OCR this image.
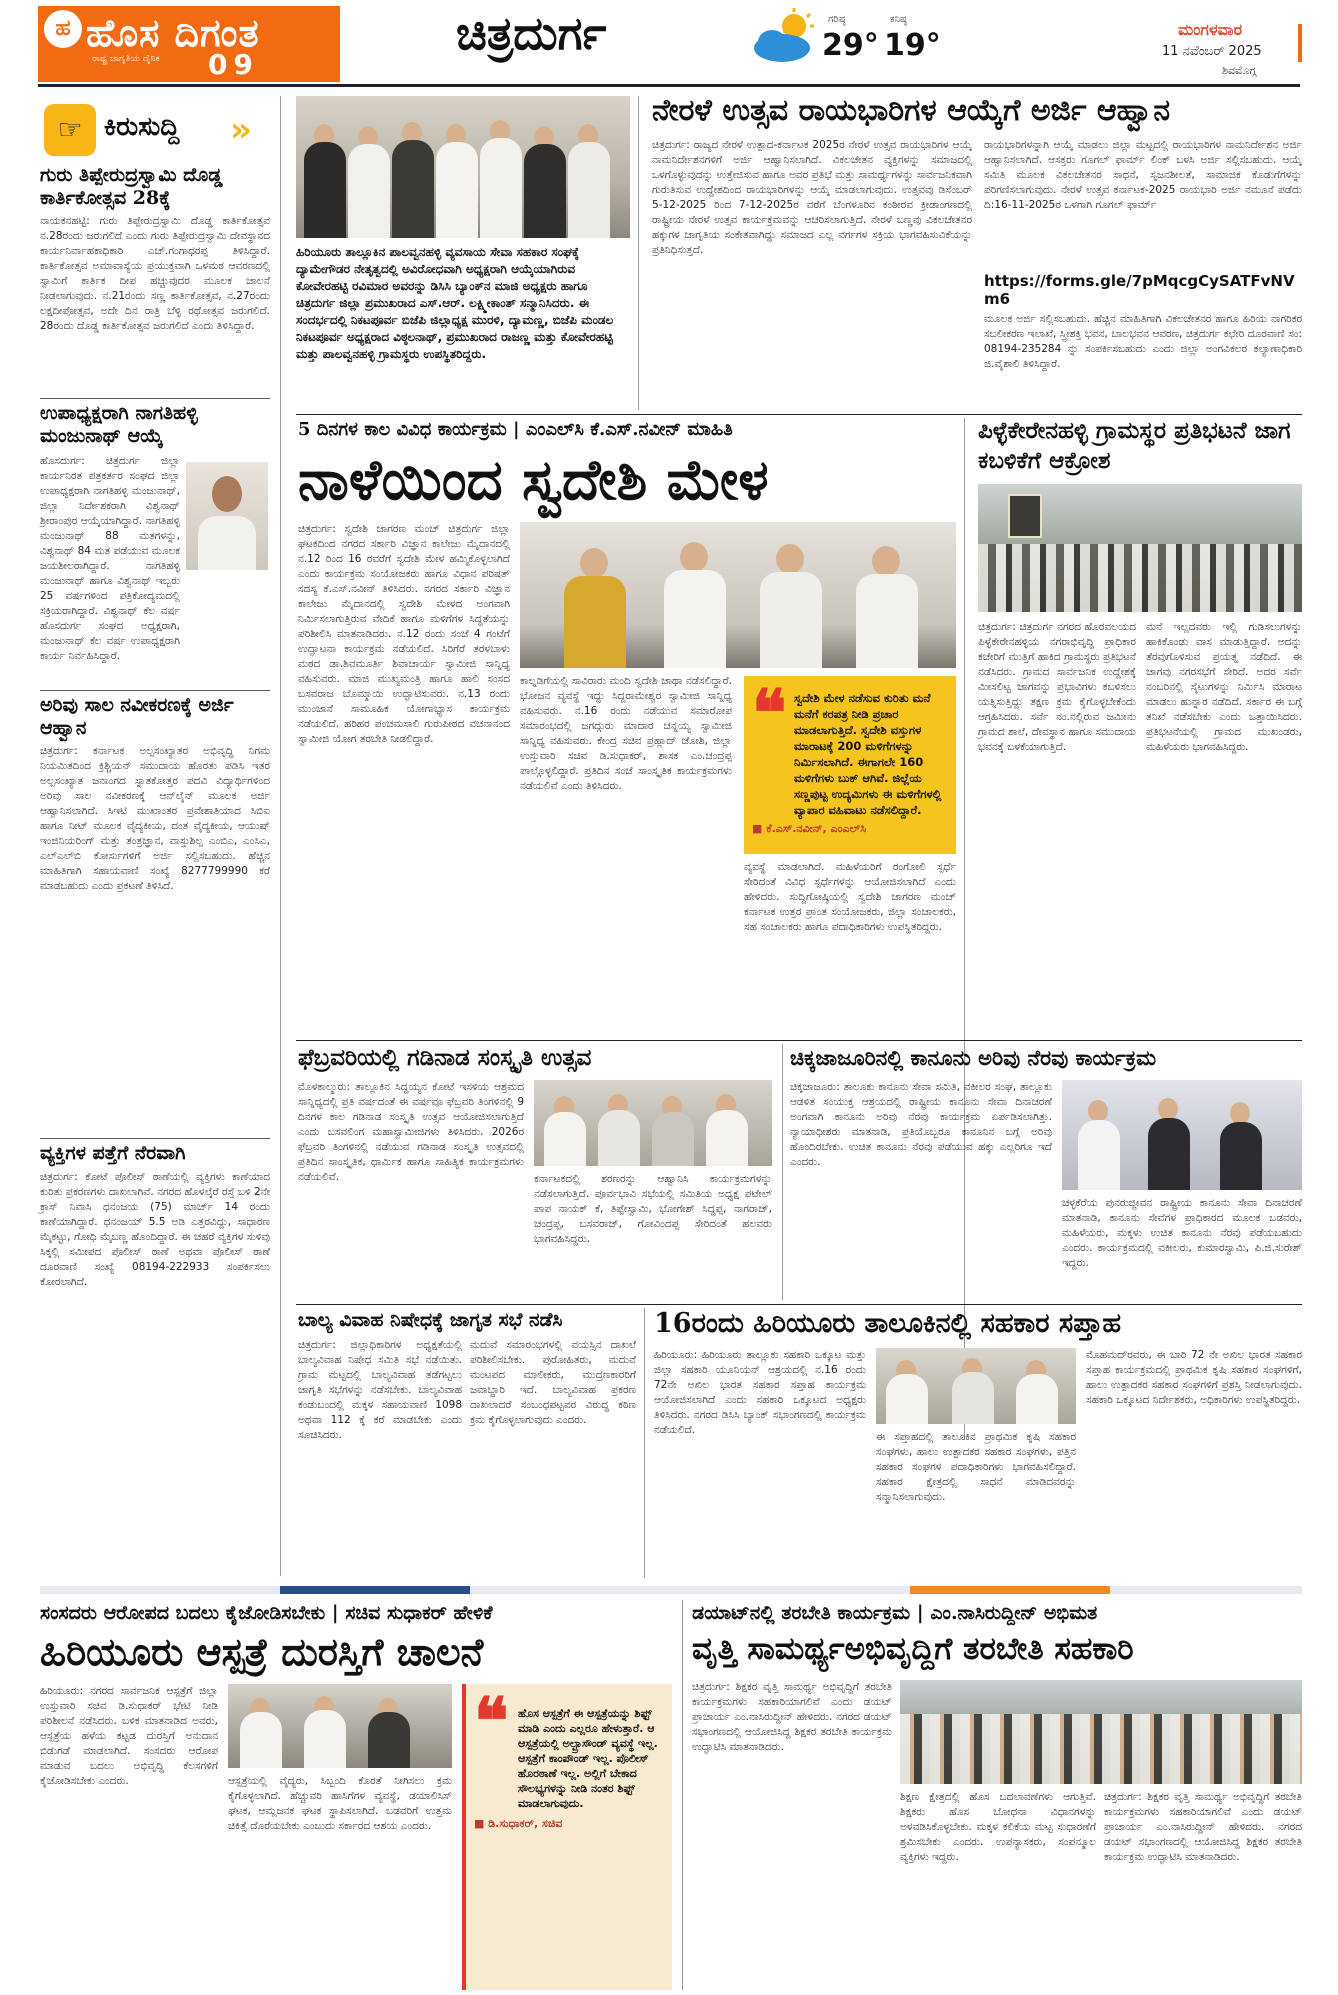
ಹ ಹೊಸ ದಿಗಂತ
ರಾಷ್ಟ್ರ ಜಾಗೃತಿಯ ದೈನಿಕ 09
ಚಿತ್ರದುರ್ಗ	ಗರಿಷ್ಠ
29°
ಕನಿಷ್ಠ
19°	ಮಂಗಳವಾರ
11 ನವೆಂಬರ್ 2025
ಶಿವಮೊಗ್ಗ
☞ ಕಿರುಸುದ್ದಿ »
ಗುರು ತಿಪ್ಪೇರುದ್ರಸ್ವಾಮಿ ದೊಡ್ಡ ಕಾರ್ತಿಕೋತ್ಸವ 28ಕ್ಕೆ
ನಾಯಕನಹಟ್ಟಿ: ಗುರು ತಿಪ್ಪೇರುದ್ರಸ್ವಾಮಿ ದೊಡ್ಡ ಕಾರ್ತಿಕೋತ್ಸವ ನ.28ರಂದು ಜರುಗಲಿದೆ ಎಂದು ಗುರು ತಿಪ್ಪೇರುದ್ರಸ್ವಾಮಿ ದೇವಸ್ಥಾನದ ಕಾರ್ಯನಿರ್ವಾಹಕಾಧಿಕಾರಿ ಎಚ್.ಗಂಗಾಧರಪ್ಪ ತಿಳಿಸಿದ್ದಾರೆ. ಕಾರ್ತಿಕೋತ್ಸವ ಅಮಾವಾಸ್ಯೆಯ ಪ್ರಯುಕ್ತವಾಗಿ ಒಳಮಠ ಆವರಣದಲ್ಲಿ ಸ್ವಾಮಿಗೆ ಕಾರ್ತಿಕ ದೀಪ ಹಚ್ಚುವುದರ ಮೂಲಕ ಚಾಲನೆ ನೀಡಲಾಗುವುದು. ನ.21ರಂದು ಸಣ್ಣ ಕಾರ್ತಿಕೋತ್ಸವ, ನ.27ರಂದು ಲಕ್ಷದೀಪೋತ್ಸವ, ಅದೇ ದಿನ ರಾತ್ರಿ ಬೆಳ್ಳಿ ರಥೋತ್ಸವ ಜರುಗಲಿದೆ. 28ರಂದು ದೊಡ್ಡ ಕಾರ್ತಿಕೋತ್ಸವ ಜರುಗಲಿದೆ ಎಂದು ತಿಳಿಸಿದ್ದಾರೆ.
ಉಪಾಧ್ಯಕ್ಷರಾಗಿ ನಾಗತಿಹಳ್ಳಿ ಮಂಜುನಾಥ್ ಆಯ್ಕೆ
ಹೊಸದುರ್ಗ: ಚಿತ್ರದುರ್ಗ ಜಿಲ್ಲಾ ಕಾರ್ಯನಿರತ ಪತ್ರಕರ್ತರ ಸಂಘದ ಜಿಲ್ಲಾ ಉಪಾಧ್ಯಕ್ಷರಾಗಿ ನಾಗತಿಹಳ್ಳಿ ಮಂಜುನಾಥ್, ಜಿಲ್ಲಾ ನಿರ್ದೇಶಕರಾಗಿ ವಿಶ್ವನಾಥ್ ಶ್ರೀರಾಂಪುರ ಆಯ್ಕೆಯಾಗಿದ್ದಾರೆ. ನಾಗತಿಹಳ್ಳಿ ಮಂಜುನಾಥ್ 88 ಮತಗಳನ್ನು, ವಿಶ್ವನಾಥ್ 84 ಮತ ಪಡೆಯುವ ಮೂಲಕ ಜಯಶೀಲರಾಗಿದ್ದಾರೆ. ನಾಗತಿಹಳ್ಳಿ ಮಂಜುನಾಥ್ ಹಾಗೂ ವಿಶ್ವನಾಥ್ ಇಬ್ಬರು 25 ವರ್ಷಗಳಿಂದ ಪತ್ರಿಕೋದ್ಯಮದಲ್ಲಿ ಸಕ್ರಿಯರಾಗಿದ್ದಾರೆ. ವಿಶ್ವನಾಥ್ ಕೆಲ ವರ್ಷ ಹೊಸದುರ್ಗ ಸಂಘದ ಅಧ್ಯಕ್ಷರಾಗಿ, ಮಂಜುನಾಥ್ ಕೆಲ ವರ್ಷ ಉಪಾಧ್ಯಕ್ಷರಾಗಿ ಕಾರ್ಯ ನಿರ್ವಹಿಸಿದ್ದಾರೆ.
ಅರಿವು ಸಾಲ ನವೀಕರಣಕ್ಕೆ ಅರ್ಜಿ ಆಹ್ವಾನ
ಚಿತ್ರದುರ್ಗ: ಕರ್ನಾಟಕ ಅಲ್ಪಸಂಖ್ಯಾತರ ಅಭಿವೃದ್ಧಿ ನಿಗಮ ನಿಯಮಿತದಿಂದ ಕ್ರಿಶ್ಚಿಯನ್ ಸಮುದಾಯ ಹೊರತು ಪಡಿಸಿ ಇತರ ಅಲ್ಪಸಂಖ್ಯಾತ ಜನಾಂಗದ ಸ್ನಾತಕೋತ್ತರ ಪದವಿ ವಿದ್ಯಾರ್ಥಿಗಳಿಂದ ಅರಿವು ಸಾಲ ನವೀಕರಣಕ್ಕೆ ಆನ್‌ಲೈನ್ ಮೂಲಕ ಅರ್ಜಿ ಆಹ್ವಾನಿಸಲಾಗಿದೆ. ಸಿಇಟಿ ಮುಖಾಂತರ ಪ್ರವೇಶಾತಿಯಾದ ಸಿಬಿಐ ಹಾಗೂ ನೀಟ್ ಮೂಲಕ ವೈದ್ಯಕೀಯ, ದಂತ ವೈದ್ಯಕೀಯ, ಆಯುಷ್ ಇಂಜಿನಿಯರಿಂಗ್ ಮತ್ತು ತಂತ್ರಜ್ಞಾನ, ವಾಸ್ತುಶಿಲ್ಪ ಎಂಬಿಎ, ಎಂಸಿಎ, ಎಲ್‌ಎಲ್‌ಬಿ ಕೋರ್ಸುಗಳಿಗೆ ಅರ್ಜಿ ಸಲ್ಲಿಸಬಹುದು. ಹೆಚ್ಚಿನ ಮಾಹಿತಿಗಾಗಿ ಸಹಾಯವಾಣಿ ಸಂಖ್ಯೆ 8277799990 ಕರೆ ಮಾಡಬಹುದು ಎಂದು ಪ್ರಕಟಣೆ ತಿಳಿಸಿದೆ.
ವ್ಯಕ್ತಿಗಳ ಪತ್ತೆಗೆ ನೆರವಾಗಿ
ಚಿತ್ರದುರ್ಗ: ಕೋಟೆ ಪೊಲೀಸ್ ಠಾಣೆಯಲ್ಲಿ ವ್ಯಕ್ತಿಗಳು ಕಾಣೆಯಾದ ಕುರಿತು ಪ್ರಕರಣಗಳು ದಾಖಲಾಗಿವೆ. ನಗರದ ಹೊಳಲ್ಕೆರೆ ರಸ್ತೆ ಬಳಿ 2ನೇ ಕ್ರಾಸ್ ನಿವಾಸಿ ಧನಂಜಯ (75) ಮಾರ್ಚ್ 14 ರಂದು ಕಾಣೆಯಾಗಿದ್ದಾರೆ. ಧನಂಜಯ್ 5.5 ಅಡಿ ಎತ್ತರವಿದ್ದು, ಸಾಧಾರಣ ಮೈಕಟ್ಟು, ಗೋಧಿ ಮೈಬಣ್ಣ ಹೊಂದಿದ್ದಾರೆ. ಈ ಚಹರೆ ವ್ಯಕ್ತಿಗಳ ಸುಳಿವು ಸಿಕ್ಕಲ್ಲಿ ಸಮೀಪದ ಪೊಲೀಸ್ ಠಾಣೆ ಅಥವಾ ಪೊಲೀಸ್ ಠಾಣೆ ದೂರವಾಣಿ ಸಂಖ್ಯೆ 08194-222933 ಸಂಪರ್ಕಿಸಲು ಕೋರಲಾಗಿದೆ.
ಹಿರಿಯೂರು ತಾಲ್ಲೂಕಿನ ಪಾಲವ್ವನಹಳ್ಳಿ ವ್ಯವಸಾಯ ಸೇವಾ ಸಹಕಾರ ಸಂಘಕ್ಕೆ ದ್ಯಾಮೇಗೌಡರ ನೇತೃತ್ವದಲ್ಲಿ ಅವಿರೋಧವಾಗಿ ಅಧ್ಯಕ್ಷರಾಗಿ ಆಯ್ಕೆಯಾಗಿರುವ ಕೋವೇರಹಟ್ಟಿ ರವಿಮಾರ ಅವರನ್ನು ಡಿಸಿಸಿ ಬ್ಯಾಂಕ್‌ನ ಮಾಜಿ ಅಧ್ಯಕ್ಷರು ಹಾಗೂ ಚಿತ್ರದುರ್ಗ ಜಿಲ್ಲಾ ಪ್ರಮುಖರಾದ ಎಸ್.ಆರ್. ಲಕ್ಷ್ಮೀಕಾಂತ್ ಸನ್ಮಾನಿಸಿದರು. ಈ ಸಂದರ್ಭದಲ್ಲಿ ನಿಕಟಪೂರ್ವ ಬಿಜೆಪಿ ಜಿಲ್ಲಾಧ್ಯಕ್ಷ ಮುರಳಿ, ದ್ಯಾಮಣ್ಣ, ಬಿಜೆಪಿ ಮಂಡಲ ನಿಕಟಪೂರ್ವ ಅಧ್ಯಕ್ಷರಾದ ವಿಠ್ಠಲನಾಥ್, ಪ್ರಮುಖರಾದ ರಾಜಣ್ಣ ಮತ್ತು ಕೋವೇರಹಟ್ಟಿ ಮತ್ತು ಪಾಲವ್ವನಹಳ್ಳಿ ಗ್ರಾಮಸ್ಥರು ಉಪಸ್ಥಿತರಿದ್ದರು.
ನೇರಳೆ ಉತ್ಸವ ರಾಯಭಾರಿಗಳ ಆಯ್ಕೆಗೆ ಅರ್ಜಿ ಆಹ್ವಾನ
ಚಿತ್ರದುರ್ಗ: ರಾಜ್ಯದ ನೇರಳೆ ಉತ್ಪಾದ-ಕರ್ನಾಟಕ 2025ರ ನೇರಳೆ ಉತ್ಸವ ರಾಯಭಾರಿಗಳ ಆಯ್ಕೆ ನಾಮನಿರ್ದೇಶನಗಳಿಗೆ ಅರ್ಜಿ ಆಹ್ವಾನಿಸಲಾಗಿದೆ. ವಿಕಲಚೇತನ ವ್ಯಕ್ತಿಗಳನ್ನು ಸಮಾಜದಲ್ಲಿ ಒಳಗೊಳ್ಳುವುದನ್ನು ಉತ್ತೇಜಿಸುವ ಹಾಗೂ ಅವರ ಪ್ರತಿಭೆ ಮತ್ತು ಸಾಮರ್ಥ್ಯಗಳನ್ನು ಸಾರ್ವಜನಿಕವಾಗಿ ಗುರುತಿಸುವ ಉದ್ದೇಶದಿಂದ ರಾಯಭಾರಿಗಳನ್ನು ಆಯ್ಕೆ ಮಾಡಲಾಗುವುದು. ಉತ್ಸವವು ಡಿಸೆಂಬರ್ 5-12-2025 ರಿಂದ 7-12-2025ರ ವರೆಗೆ ಬೆಂಗಳೂರಿನ ಕಂಠೀರವ ಕ್ರೀಡಾಂಗಣದಲ್ಲಿ ರಾಷ್ಟ್ರೀಯ ನೇರಳೆ ಉತ್ಸವ ಕಾರ್ಯಕ್ರಮವನ್ನು ಆಚರಿಸಲಾಗುತ್ತಿದೆ. ನೇರಳೆ ಬಣ್ಣವು ವಿಕಲಚೇತನರ ಹಕ್ಕುಗಳ ಜಾಗೃತಿಯ ಸಂಕೇತವಾಗಿದ್ದು ಸಮಾಜದ ಎಲ್ಲ ವರ್ಗಗಳ ಸಕ್ರಿಯ ಭಾಗವಹಿಸುವಿಕೆಯನ್ನು ಪ್ರತಿನಿಧಿಸುತ್ತದೆ.
ರಾಯಭಾರಿಗಳನ್ನಾಗಿ ಆಯ್ಕೆ ಮಾಡಲು ಜಿಲ್ಲಾ ಮಟ್ಟದಲ್ಲಿ ರಾಯಭಾರಿಗಳ ನಾಮನಿರ್ದೇಶನ ಅರ್ಜಿ ಆಹ್ವಾನಿಸಲಾಗಿದೆ. ಆಸಕ್ತರು ಗೂಗಲ್ ಫಾರ್ಮ್ ಲಿಂಕ್ ಬಳಸಿ ಅರ್ಜಿ ಸಲ್ಲಿಸಬಹುದು. ಆಯ್ಕೆ ಸಮಿತಿ ಮೂಲಕ ವಿಕಲಚೇತನರ ಸಾಧನೆ, ಸೃಜನಶೀಲತೆ, ಸಾಮಾಜಿಕ ಕೊಡುಗೆಗಳನ್ನು ಪರಿಗಣಿಸಲಾಗುವುದು. ನೇರಳೆ ಉತ್ಸವ ಕರ್ನಾಟಕ-2025 ರಾಯಭಾರಿ ಅರ್ಜಿ ನಮೂನೆ ಪಡೆದು ದಿ:16-11-2025ರ ಒಳಗಾಗಿ ಗೂಗಲ್ ಫಾರ್ಮ್
https://forms.gle/7pMqcgCySATFvNVm6
ಮೂಲಕ ಅರ್ಜಿ ಸಲ್ಲಿಸಬಹುದು. ಹೆಚ್ಚಿನ ಮಾಹಿತಿಗಾಗಿ ವಿಕಲಚೇತನರ ಹಾಗೂ ಹಿರಿಯ ನಾಗರಿಕರ ಸಬಲೀಕರಣ ಇಲಾಖೆ, ಸ್ತ್ರೀಶಕ್ತಿ ಭವನ, ಬಾಲಭವನ ಆವರಣ, ಚಿತ್ರದುರ್ಗ ಕಛೇರಿ ದೂರವಾಣಿ ಸಂ: 08194-235284 ನ್ನು ಸಂಪರ್ಕಿಸಬಹುದು ಎಂದು ಜಿಲ್ಲಾ ಅಂಗವಿಕಲರ ಕಲ್ಯಾಣಾಧಿಕಾರಿ ಜಿ.ವೈಶಾಲಿ ತಿಳಿಸಿದ್ದಾರೆ.
5 ದಿನಗಳ ಕಾಲ ವಿವಿಧ ಕಾರ್ಯಕ್ರಮ | ಎಂಎಲ್‌ಸಿ ಕೆ.ಎಸ್.ನವೀನ್ ಮಾಹಿತಿ
ನಾಳೆಯಿಂದ ಸ್ವದೇಶಿ ಮೇಳ
ಚಿತ್ರದುರ್ಗ: ಸ್ವದೇಶಿ ಜಾಗರಣ ಮಂಚ್ ಚಿತ್ರದುರ್ಗ ಜಿಲ್ಲಾ ಘಟಕದಿಂದ ನಗರದ ಸರ್ಕಾರಿ ವಿಜ್ಞಾನ ಕಾಲೇಜು ಮೈದಾನದಲ್ಲಿ ನ.12 ರಿಂದ 16 ರವರೆಗೆ ಸ್ವದೇಶಿ ಮೇಳ ಹಮ್ಮಿಕೊಳ್ಳಲಾಗಿದೆ ಎಂದು ಕಾರ್ಯಕ್ರಮ ಸಂಯೋಜಕರು ಹಾಗೂ ವಿಧಾನ ಪರಿಷತ್ ಸದಸ್ಯ ಕೆ.ಎಸ್.ನವೀನ್ ತಿಳಿಸಿದರು. ನಗರದ ಸರ್ಕಾರಿ ವಿಜ್ಞಾನ ಕಾಲೇಜು ಮೈದಾನದಲ್ಲಿ ಸ್ವದೇಶಿ ಮೇಳದ ಅಂಗವಾಗಿ ನಿರ್ಮಿಸಲಾಗುತ್ತಿರುವ ವೇದಿಕೆ ಹಾಗೂ ಮಳಿಗೆಗಳ ಸಿದ್ಧತೆಯನ್ನು ಪರಿಶೀಲಿಸಿ ಮಾತನಾಡಿದರು. ನ.12 ರಂದು ಸಂಜೆ 4 ಗಂಟೆಗೆ ಉದ್ಘಾಟನಾ ಕಾರ್ಯಕ್ರಮ ನಡೆಯಲಿದೆ. ಸಿರಿಗೆರೆ ತರಳಬಾಳು ಮಠದ ಡಾ.ಶಿವಮೂರ್ತಿ ಶಿವಾಚಾರ್ಯ ಸ್ವಾಮೀಜಿ ಸಾನ್ನಿಧ್ಯ ವಹಿಸುವರು. ಮಾಜಿ ಮುಖ್ಯಮಂತ್ರಿ ಹಾಗೂ ಹಾಲಿ ಸಂಸದ ಬಸವರಾಜ ಬೊಮ್ಮಾಯಿ ಉದ್ಘಾಟಿಸುವರು. ನ.13 ರಂದು ಮುಂಜಾನೆ ಸಾಮೂಹಿಕ ಯೋಗಾಭ್ಯಾಸ ಕಾರ್ಯಕ್ರಮ ನಡೆಯಲಿದೆ. ಹರಿಹರ ಪಂಚಮಸಾಲಿ ಗುರುಪೀಠದ ವಚನಾನಂದ ಸ್ವಾಮೀಜಿ ಯೋಗ ತರಬೇತಿ ನೀಡಲಿದ್ದಾರೆ.
ಕಾಲ್ನಡಿಗೆಯಲ್ಲಿ ಸಾವಿರಾರು ಮಂದಿ ಸ್ವದೇಶಿ ಜಾಥಾ ನಡೆಸಲಿದ್ದಾರೆ. ಭೋಜನ ವ್ಯವಸ್ಥೆ ಇದ್ದು ಸಿದ್ದರಾಮೇಶ್ವರ ಸ್ವಾಮೀಜಿ ಸಾನ್ನಿಧ್ಯ ವಹಿಸುವರು. ನ.16 ರಂದು ನಡೆಯುವ ಸಮಾರೋಪ ಸಮಾರಂಭದಲ್ಲಿ ಜಗದ್ಗುರು ಮಾದಾರ ಚನ್ನಯ್ಯ ಸ್ವಾಮೀಜಿ ಸಾನ್ನಿಧ್ಯ ವಹಿಸುವರು. ಕೇಂದ್ರ ಸಚಿವ ಪ್ರಹ್ಲಾದ್ ಜೋಶಿ, ಜಿಲ್ಲಾ ಉಸ್ತುವಾರಿ ಸಚಿವ ಡಿ.ಸುಧಾಕರ್, ಶಾಸಕ ಎಂ.ಚಂದ್ರಪ್ಪ ಪಾಲ್ಗೊಳ್ಳಲಿದ್ದಾರೆ. ಪ್ರತಿದಿನ ಸಂಜೆ ಸಾಂಸ್ಕೃತಿಕ ಕಾರ್ಯಕ್ರಮಗಳು ನಡೆಯಲಿವೆ ಎಂದು ತಿಳಿಸಿದರು.
❝ ಸ್ವದೇಶಿ ಮೇಳ ನಡೆಸುವ ಕುರಿತು ಮನೆ ಮನೆಗೆ ಕರಪತ್ರ ನೀಡಿ ಪ್ರಚಾರ ಮಾಡಲಾಗುತ್ತಿದೆ. ಸ್ವದೇಶಿ ವಸ್ತುಗಳ ಮಾರಾಟಕ್ಕೆ 200 ಮಳಿಗೆಗಳನ್ನು ನಿರ್ಮಿಸಲಾಗಿದೆ. ಈಗಾಗಲೇ 160 ಮಳಿಗೆಗಳು ಬುಕ್ ಆಗಿವೆ. ಜಿಲ್ಲೆಯ ಸಣ್ಣಪುಟ್ಟ ಉದ್ಯಮಿಗಳು ಈ ಮಳಿಗೆಗಳಲ್ಲಿ ವ್ಯಾಪಾರ ವಹಿವಾಟು ನಡೆಸಲಿದ್ದಾರೆ.
■ ಕೆ.ಎಸ್.ನವೀನ್, ಎಂಎಲ್‌ಸಿ
ವ್ಯವಸ್ಥೆ ಮಾಡಲಾಗಿದೆ. ಮಹಿಳೆಯರಿಗೆ ರಂಗೋಲಿ ಸ್ಪರ್ಧೆ ಸೇರಿದಂತೆ ವಿವಿಧ ಸ್ಪರ್ಧೆಗಳನ್ನು ಆಯೋಜಿಸಲಾಗಿದೆ ಎಂದು ಹೇಳಿದರು. ಸುದ್ದಿಗೋಷ್ಠಿಯಲ್ಲಿ ಸ್ವದೇಶಿ ಜಾಗರಣ ಮಂಚ್ ಕರ್ನಾಟಕ ಉತ್ತರ ಪ್ರಾಂತ ಸಂಯೋಜಕರು, ಜಿಲ್ಲಾ ಸಂಚಾಲಕರು, ಸಹ ಸಂಚಾಲಕರು ಹಾಗೂ ಪದಾಧಿಕಾರಿಗಳು ಉಪಸ್ಥಿತರಿದ್ದರು.
ಪಿಳ್ಳೆಕೇರೇನಹಳ್ಳಿ ಗ್ರಾಮಸ್ಥರ ಪ್ರತಿಭಟನೆ ಜಾಗ ಕಬಳಿಕೆಗೆ ಆಕ್ರೋಶ
ಚಿತ್ರದುರ್ಗ: ಚಿತ್ರದುರ್ಗ ನಗರದ ಹೊರವಲಯದ ಪಿಳ್ಳೆಕೇರೇನಹಳ್ಳಿಯ ನಗರಾಭಿವೃದ್ಧಿ ಪ್ರಾಧಿಕಾರ ಕಚೇರಿಗೆ ಮುತ್ತಿಗೆ ಹಾಕಿದ ಗ್ರಾಮಸ್ಥರು ಪ್ರತಿಭಟನೆ ನಡೆಸಿದರು. ಗ್ರಾಮದ ಸಾರ್ವಜನಿಕ ಉದ್ದೇಶಕ್ಕೆ ಮೀಸಲಿಟ್ಟ ಜಾಗವನ್ನು ಪ್ರಭಾವಿಗಳು ಕಬಳಿಸಲು ಯತ್ನಿಸುತ್ತಿದ್ದು ತಕ್ಷಣ ಕ್ರಮ ಕೈಗೊಳ್ಳಬೇಕೆಂದು ಆಗ್ರಹಿಸಿದರು. ಸರ್ವೆ ನಂ.ನಲ್ಲಿರುವ ಜಮೀನು ಗ್ರಾಮದ ಶಾಲೆ, ದೇವಸ್ಥಾನ ಹಾಗೂ ಸಮುದಾಯ ಭವನಕ್ಕೆ ಬಳಕೆಯಾಗುತ್ತಿದೆ.
ಮನೆ ಇಲ್ಲದವರು ಇಲ್ಲಿ ಗುಡಿಸಲುಗಳನ್ನು ಹಾಕಿಕೊಂಡು ವಾಸ ಮಾಡುತ್ತಿದ್ದಾರೆ. ಅದನ್ನು ತೆರವುಗೊಳಿಸುವ ಪ್ರಯತ್ನ ನಡೆದಿದೆ. ಈ ಜಾಗವು ನಗರಸಭೆಗೆ ಸೇರಿದೆ. ಅದರ ಸರ್ವೆ ನಂಬರಿನಲ್ಲಿ ಸೈಟುಗಳನ್ನು ನಿರ್ಮಿಸಿ ಮಾರಾಟ ಮಾಡಲು ಹುನ್ನಾರ ನಡೆದಿದೆ. ಸರ್ಕಾರ ಈ ಬಗ್ಗೆ ತನಿಖೆ ನಡೆಸಬೇಕು ಎಂದು ಒತ್ತಾಯಿಸಿದರು. ಪ್ರತಿಭಟನೆಯಲ್ಲಿ ಗ್ರಾಮದ ಮುಖಂಡರು, ಮಹಿಳೆಯರು ಭಾಗವಹಿಸಿದ್ದರು.
ಫೆಬ್ರವರಿಯಲ್ಲಿ ಗಡಿನಾಡ ಸಂಸ್ಕೃತಿ ಉತ್ಸವ
ಮೊಳಕಾಲ್ಮುರು: ತಾಲ್ಲೂಕಿನ ಸಿದ್ದಯ್ಯನ ಕೋಟೆ ಇಸಳಿಯ ಆಶ್ರಮದ ಸಾನ್ನಿಧ್ಯದಲ್ಲಿ ಪ್ರತಿ ವರ್ಷದಂತೆ ಈ ವರ್ಷವೂ ಫೆಬ್ರವರಿ ತಿಂಗಳಿನಲ್ಲಿ 9 ದಿನಗಳ ಕಾಲ ಗಡಿನಾಡ ಸಂಸ್ಕೃತಿ ಉತ್ಸವ ಆಯೋಜಿಸಲಾಗುತ್ತಿದೆ ಎಂದು ಬಸವಲಿಂಗ ಮಹಾಸ್ವಾಮೀಜಿಗಳು ತಿಳಿಸಿದರು. 2026ರ ಫೆಬ್ರವರಿ ತಿಂಗಳಿನಲ್ಲಿ ನಡೆಯುವ ಗಡಿನಾಡ ಸಂಸ್ಕೃತಿ ಉತ್ಸವದಲ್ಲಿ ಪ್ರತಿದಿನ ಸಾಂಸ್ಕೃತಿಕ, ಧಾರ್ಮಿಕ ಹಾಗೂ ಸಾಹಿತ್ಯಿಕ ಕಾರ್ಯಕ್ರಮಗಳು ನಡೆಯಲಿವೆ.	ಕರ್ನಾಟಕದಲ್ಲಿ ಶರಣರನ್ನು ಆಹ್ವಾನಿಸಿ ಕಾರ್ಯಕ್ರಮಗಳನ್ನು ನಡೆಸಲಾಗುತ್ತಿದೆ. ಪೂರ್ವಭಾವಿ ಸಭೆಯಲ್ಲಿ ಸಮಿತಿಯ ಅಧ್ಯಕ್ಷ ಪಟೇಲ್ ಪಾಪ ನಾಯಕ್ ಕೆ, ತಿಪ್ಪೇಸ್ವಾಮಿ, ಭೋಗೇಶ್ ಸಿದ್ದಪ್ಪ, ನಾಗರಾಜ್, ಚಂದ್ರಪ್ಪ, ಬಸವರಾಜ್, ಗೋವಿಂದಪ್ಪ ಸೇರಿದಂತೆ ಹಲವರು ಭಾಗವಹಿಸಿದ್ದರು.
ಚಿಕ್ಕಜಾಜೂರಿನಲ್ಲಿ ಕಾನೂನು ಅರಿವು ನೆರವು ಕಾರ್ಯಕ್ರಮ
ಚಿಕ್ಕಜಾಜೂರು: ತಾಲೂಕು ಕಾನೂನು ಸೇವಾ ಸಮಿತಿ, ವಕೀಲರ ಸಂಘ, ತಾಲ್ಲೂಕು ಆಡಳಿತ ಸಂಯುಕ್ತ ಆಶ್ರಯದಲ್ಲಿ ರಾಷ್ಟ್ರೀಯ ಕಾನೂನು ಸೇವಾ ದಿನಾಚರಣೆ ಅಂಗವಾಗಿ ಕಾನೂನು ಅರಿವು ನೆರವು ಕಾರ್ಯಕ್ರಮ ಏರ್ಪಡಿಸಲಾಗಿತ್ತು. ನ್ಯಾಯಾಧೀಶರು ಮಾತನಾಡಿ, ಪ್ರತಿಯೊಬ್ಬರೂ ಕಾನೂನಿನ ಬಗ್ಗೆ ಅರಿವು ಹೊಂದಿರಬೇಕು. ಉಚಿತ ಕಾನೂನು ನೆರವು ಪಡೆಯುವ ಹಕ್ಕು ಎಲ್ಲರಿಗೂ ಇದೆ ಎಂದರು.
ಚಳ್ಳಕೆರೆಯ ಪುನರುಜ್ಜೀವನ ರಾಷ್ಟ್ರೀಯ ಕಾನೂನು ಸೇವಾ ದಿನಾಚರಣೆ ಮಾತನಾಡಿ, ಕಾನೂನು ಸೇವೆಗಳ ಪ್ರಾಧಿಕಾರದ ಮೂಲಕ ಬಡವರು, ಮಹಿಳೆಯರು, ಮಕ್ಕಳು ಉಚಿತ ಕಾನೂನು ನೆರವು ಪಡೆಯಬಹುದು ಎಂದರು. ಕಾರ್ಯಕ್ರಮದಲ್ಲಿ ವಕೀಲರು, ಕುಮಾರಸ್ವಾಮಿ, ಪಿ.ಜಿ.ಸುರೇಶ್ ಇದ್ದರು.
ಬಾಲ್ಯ ವಿವಾಹ ನಿಷೇಧಕ್ಕೆ ಜಾಗೃತ ಸಭೆ ನಡೆಸಿ
ಚಿತ್ರದುರ್ಗ: ಜಿಲ್ಲಾಧಿಕಾರಿಗಳ ಅಧ್ಯಕ್ಷತೆಯಲ್ಲಿ ಬಾಲ್ಯವಿವಾಹ ನಿಷೇಧ ಸಮಿತಿ ಸಭೆ ನಡೆಯಿತು. ಗ್ರಾಮ ಮಟ್ಟದಲ್ಲಿ ಬಾಲ್ಯವಿವಾಹ ತಡೆಗಟ್ಟಲು ಜಾಗೃತಿ ಸಭೆಗಳನ್ನು ನಡೆಸಬೇಕು. ಬಾಲ್ಯವಿವಾಹ ಕಂಡುಬಂದಲ್ಲಿ ಮಕ್ಕಳ ಸಹಾಯವಾಣಿ 1098 ಅಥವಾ 112 ಕ್ಕೆ ಕರೆ ಮಾಡಬೇಕು ಎಂದು ಸೂಚಿಸಿದರು.
ಮದುವೆ ಸಮಾರಂಭಗಳಲ್ಲಿ ವಯಸ್ಸಿನ ದಾಖಲೆ ಪರಿಶೀಲಿಸಬೇಕು. ಪುರೋಹಿತರು, ಮದುವೆ ಮಂಟಪದ ಮಾಲೀಕರು, ಮುದ್ರಣಕಾರರಿಗೆ ಜವಾಬ್ದಾರಿ ಇದೆ. ಬಾಲ್ಯವಿವಾಹ ಪ್ರಕರಣ ದಾಖಲಾದರೆ ಸಂಬಂಧಪಟ್ಟವರ ವಿರುದ್ಧ ಕಠಿಣ ಕ್ರಮ ಕೈಗೊಳ್ಳಲಾಗುವುದು ಎಂದರು.
16ರಂದು ಹಿರಿಯೂರು ತಾಲೂಕಿನಲ್ಲಿ ಸಹಕಾರ ಸಪ್ತಾಹ
ಹಿರಿಯೂರು: ಹಿರಿಯೂರು ತಾಲ್ಲೂಕು ಸಹಕಾರಿ ಒಕ್ಕೂಟ ಮತ್ತು ಜಿಲ್ಲಾ ಸಹಕಾರಿ ಯೂನಿಯನ್ ಆಶ್ರಯದಲ್ಲಿ ನ.16 ರಂದು 72ನೇ ಅಖಿಲ ಭಾರತ ಸಹಕಾರ ಸಪ್ತಾಹ ಕಾರ್ಯಕ್ರಮ ಆಯೋಜಿಸಲಾಗಿದೆ ಎಂದು ಸಹಕಾರಿ ಒಕ್ಕೂಟದ ಅಧ್ಯಕ್ಷರು ತಿಳಿಸಿದರು. ನಗರದ ಡಿಸಿಸಿ ಬ್ಯಾಂಕ್ ಸಭಾಂಗಣದಲ್ಲಿ ಕಾರ್ಯಕ್ರಮ ನಡೆಯಲಿದೆ.
ಈ ಸಪ್ತಾಹದಲ್ಲಿ ತಾಲೂಕಿನ ಪ್ರಾಥಮಿಕ ಕೃಷಿ ಸಹಕಾರ ಸಂಘಗಳು, ಹಾಲು ಉತ್ಪಾದಕರ ಸಹಕಾರ ಸಂಘಗಳು, ಪತ್ತಿನ ಸಹಕಾರ ಸಂಘಗಳ ಪದಾಧಿಕಾರಿಗಳು ಭಾಗವಹಿಸಲಿದ್ದಾರೆ. ಸಹಕಾರ ಕ್ಷೇತ್ರದಲ್ಲಿ ಸಾಧನೆ ಮಾಡಿದವರನ್ನು ಸನ್ಮಾನಿಸಲಾಗುವುದು.
ಮೊಹಮದ್‌ರವರು, ಈ ಬಾರಿ 72 ನೇ ಅಖಿಲ ಭಾರತ ಸಹಕಾರ ಸಪ್ತಾಹ ಕಾರ್ಯಕ್ರಮದಲ್ಲಿ ಪ್ರಾಥಮಿಕ ಕೃಷಿ ಸಹಕಾರ ಸಂಘಗಳಿಗೆ, ಹಾಲು ಉತ್ಪಾದಕರ ಸಹಕಾರ ಸಂಘಗಳಿಗೆ ಪ್ರಶಸ್ತಿ ನೀಡಲಾಗುವುದು. ಸಹಕಾರಿ ಒಕ್ಕೂಟದ ನಿರ್ದೇಶಕರು, ಅಧಿಕಾರಿಗಳು ಉಪಸ್ಥಿತರಿದ್ದರು.
ಸಂಸದರು ಆರೋಪದ ಬದಲು ಕೈಜೋಡಿಸಬೇಕು | ಸಚಿವ ಸುಧಾಕರ್ ಹೇಳಿಕೆ
ಹಿರಿಯೂರು ಆಸ್ಪತ್ರೆ ದುರಸ್ತಿಗೆ ಚಾಲನೆ
ಹಿರಿಯೂರು: ನಗರದ ಸಾರ್ವಜನಿಕ ಆಸ್ಪತ್ರೆಗೆ ಜಿಲ್ಲಾ ಉಸ್ತುವಾರಿ ಸಚಿವ ಡಿ.ಸುಧಾಕರ್ ಭೇಟಿ ನೀಡಿ ಪರಿಶೀಲನೆ ನಡೆಸಿದರು. ಬಳಿಕ ಮಾತನಾಡಿದ ಅವರು, ಆಸ್ಪತ್ರೆಯ ಹಳೆಯ ಕಟ್ಟಡ ದುರಸ್ತಿಗೆ ಅನುದಾನ ಬಿಡುಗಡೆ ಮಾಡಲಾಗಿದೆ. ಸಂಸದರು ಆರೋಪ ಮಾಡುವ ಬದಲು ಅಭಿವೃದ್ಧಿ ಕೆಲಸಗಳಿಗೆ ಕೈಜೋಡಿಸಬೇಕು ಎಂದರು.	ಆಸ್ಪತ್ರೆಯಲ್ಲಿ ವೈದ್ಯರು, ಸಿಬ್ಬಂದಿ ಕೊರತೆ ನೀಗಿಸಲು ಕ್ರಮ ಕೈಗೊಳ್ಳಲಾಗಿದೆ. ಹೆಚ್ಚುವರಿ ಹಾಸಿಗೆಗಳ ವ್ಯವಸ್ಥೆ, ಡಯಾಲಿಸಿಸ್ ಘಟಕ, ಆಮ್ಲಜನಕ ಘಟಕ ಸ್ಥಾಪಿಸಲಾಗಿದೆ. ಬಡವರಿಗೆ ಉತ್ತಮ ಚಿಕಿತ್ಸೆ ದೊರೆಯಬೇಕು ಎಂಬುದು ಸರ್ಕಾರದ ಆಶಯ ಎಂದರು.
❝ ಹೊಸ ಆಸ್ಪತ್ರೆಗೆ ಈ ಆಸ್ಪತ್ರೆಯನ್ನು ಶಿಫ್ಟ್ ಮಾಡಿ ಎಂದು ಎಲ್ಲರೂ ಹೇಳುತ್ತಾರೆ. ಆ ಆಸ್ಪತ್ರೆಯಲ್ಲಿ ಅಲ್ಟ್ರಾಸೌಂಡ್ ವ್ಯವಸ್ಥೆ ಇಲ್ಲ. ಆಸ್ಪತ್ರೆಗೆ ಕಾಂಪೌಂಡ್ ಇಲ್ಲ. ಪೊಲೀಸ್ ಹೊರಠಾಣೆ ಇಲ್ಲ. ಅಲ್ಲಿಗೆ ಬೇಕಾದ ಸೌಲಭ್ಯಗಳನ್ನು ನೀಡಿ ನಂತರ ಶಿಫ್ಟ್ ಮಾಡಲಾಗುವುದು.
■ ಡಿ.ಸುಧಾಕರ್, ಸಚಿವ
ಡಯಾಟ್‌ನಲ್ಲಿ ತರಬೇತಿ ಕಾರ್ಯಕ್ರಮ | ಎಂ.ನಾಸಿರುದ್ದೀನ್ ಅಭಿಮತ
ವೃತ್ತಿ ಸಾಮರ್ಥ್ಯಅಭಿವೃದ್ದಿಗೆ ತರಬೇತಿ ಸಹಕಾರಿ
ಚಿತ್ರದುರ್ಗ: ಶಿಕ್ಷಕರ ವೃತ್ತಿ ಸಾಮರ್ಥ್ಯ ಅಭಿವೃದ್ಧಿಗೆ ತರಬೇತಿ ಕಾರ್ಯಕ್ರಮಗಳು ಸಹಕಾರಿಯಾಗಲಿವೆ ಎಂದು ಡಯಟ್ ಪ್ರಾಚಾರ್ಯ ಎಂ.ನಾಸಿರುದ್ದೀನ್ ಹೇಳಿದರು. ನಗರದ ಡಯಟ್ ಸಭಾಂಗಣದಲ್ಲಿ ಆಯೋಜಿಸಿದ್ದ ಶಿಕ್ಷಕರ ತರಬೇತಿ ಕಾರ್ಯಕ್ರಮ ಉದ್ಘಾಟಿಸಿ ಮಾತನಾಡಿದರು.
ಶಿಕ್ಷಣ ಕ್ಷೇತ್ರದಲ್ಲಿ ಹೊಸ ಬದಲಾವಣೆಗಳು ಆಗುತ್ತಿವೆ. ಶಿಕ್ಷಕರು ಹೊಸ ಬೋಧನಾ ವಿಧಾನಗಳನ್ನು ಅಳವಡಿಸಿಕೊಳ್ಳಬೇಕು. ಮಕ್ಕಳ ಕಲಿಕೆಯ ಮಟ್ಟ ಸುಧಾರಣೆಗೆ ಶ್ರಮಿಸಬೇಕು ಎಂದರು. ಉಪನ್ಯಾಸಕರು, ಸಂಪನ್ಮೂಲ ವ್ಯಕ್ತಿಗಳು ಇದ್ದರು.
ಚಿತ್ರದುರ್ಗ: ಶಿಕ್ಷಕರ ವೃತ್ತಿ ಸಾಮರ್ಥ್ಯ ಅಭಿವೃದ್ಧಿಗೆ ತರಬೇತಿ ಕಾರ್ಯಕ್ರಮಗಳು ಸಹಕಾರಿಯಾಗಲಿವೆ ಎಂದು ಡಯಟ್ ಪ್ರಾಚಾರ್ಯ ಎಂ.ನಾಸಿರುದ್ದೀನ್ ಹೇಳಿದರು. ನಗರದ ಡಯಟ್ ಸಭಾಂಗಣದಲ್ಲಿ ಆಯೋಜಿಸಿದ್ದ ಶಿಕ್ಷಕರ ತರಬೇತಿ ಕಾರ್ಯಕ್ರಮ ಉದ್ಘಾಟಿಸಿ ಮಾತನಾಡಿದರು.
